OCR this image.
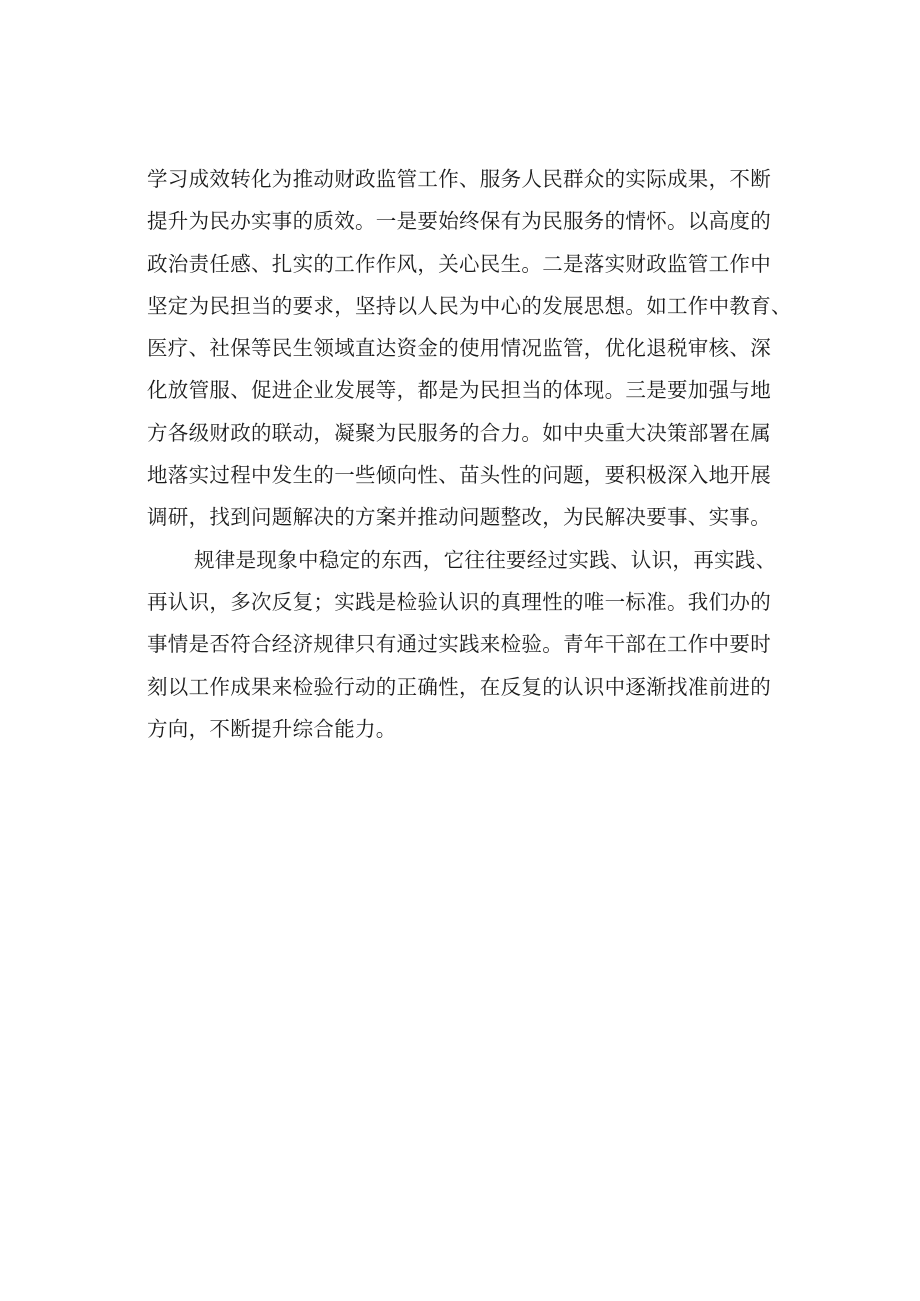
学习成效转化为推动财政监管工作、服务人民群众的实际成果，不断
提升为民办实事的质效。一是要始终保有为民服务的情怀。以高度的
政治责任感、扎实的工作作风，关心民生。二是落实财政监管工作中
坚定为民担当的要求，坚持以人民为中心的发展思想。如工作中教育、
医疗、社保等民生领域直达资金的使用情况监管，优化退税审核、深
化放管服、促进企业发展等，都是为民担当的体现。三是要加强与地
方各级财政的联动，凝聚为民服务的合力。如中央重大决策部署在属
地落实过程中发生的一些倾向性、苗头性的问题，要积极深入地开展
调研，找到问题解决的方案并推动问题整改，为民解决要事、实事。
规律是现象中稳定的东西，它往往要经过实践、认识，再实践、
再认识，多次反复；实践是检验认识的真理性的唯一标准。我们办的
事情是否符合经济规律只有通过实践来检验。青年干部在工作中要时
刻以工作成果来检验行动的正确性，在反复的认识中逐渐找准前进的
方向，不断提升综合能力。
